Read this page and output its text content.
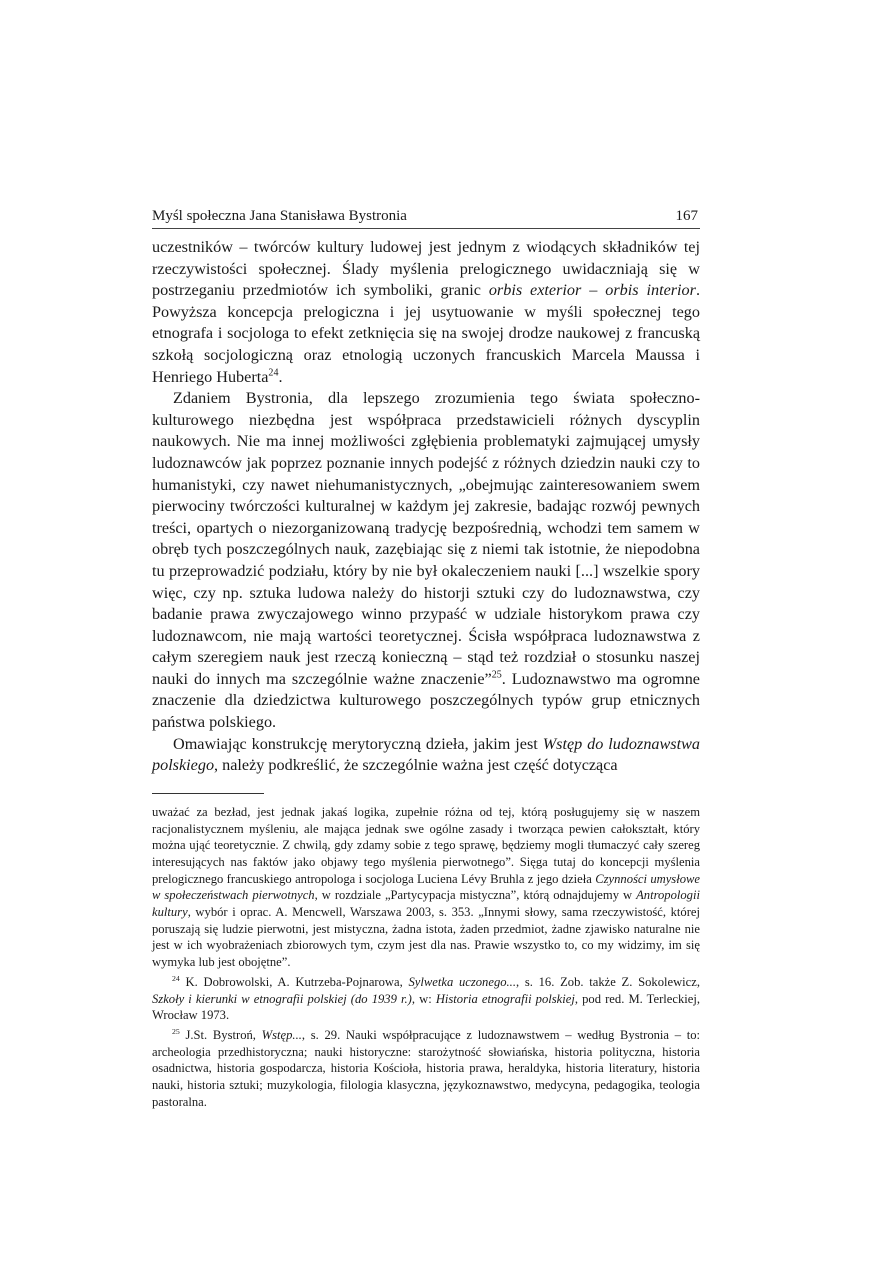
Myśl społeczna Jana Stanisława Bystronia	167

uczestników – twórców kultury ludowej jest jednym z wiodących składników tej rzeczywistości społecznej. Ślady myślenia prelogicznego uwidaczniają się w postrzeganiu przedmiotów ich symboliki, granic orbis exterior – orbis interior. Powyższa koncepcja prelogiczna i jej usytuowanie w myśli społecznej tego etnografa i socjologa to efekt zetknięcia się na swojej drodze naukowej z francuską szkołą socjologiczną oraz etnologią uczonych francuskich Marcela Maussa i Henriego Huberta$^{24}$.

Zdaniem Bystronia, dla lepszego zrozumienia tego świata społeczno-kulturowego niezbędna jest współpraca przedstawicieli różnych dyscyplin naukowych. Nie ma innej możliwości zgłębienia problematyki zajmującej umysły ludoznawców jak poprzez poznanie innych podejść z różnych dziedzin nauki czy to humanistyki, czy nawet niehumanistycznych, „obejmując zainteresowaniem swem pierwociny twórczości kulturalnej w każdym jej zakresie, badając rozwój pewnych treści, opartych o niezorganizowaną tradycję bezpośrednią, wchodzi tem samem w obręb tych poszczególnych nauk, zazębiając się z niemi tak istotnie, że niepodobna tu przeprowadzić podziału, który by nie był okaleczeniem nauki [...] wszelkie spory więc, czy np. sztuka ludowa należy do historji sztuki czy do ludoznawstwa, czy badanie prawa zwyczajowego winno przypaść w udziale historykom prawa czy ludoznawcom, nie mają wartości teoretycznej. Ścisła współpraca ludoznawstwa z całym szeregiem nauk jest rzeczą konieczną – stąd też rozdział o stosunku naszej nauki do innych ma szczególnie ważne znaczenie”$^{25}$. Ludoznawstwo ma ogromne znaczenie dla dziedzictwa kulturowego poszczególnych typów grup etnicznych państwa polskiego.

Omawiając konstrukcję merytoryczną dzieła, jakim jest Wstęp do ludoznawstwa polskiego, należy podkreślić, że szczególnie ważna jest część dotycząca

uważać za bezład, jest jednak jakaś logika, zupełnie różna od tej, którą posługujemy się w naszem racjonalistycznem myśleniu, ale mająca jednak swe ogólne zasady i tworząca pewien całokształt, który można ująć teoretycznie. Z chwilą, gdy zdamy sobie z tego sprawę, będziemy mogli tłumaczyć cały szereg interesujących nas faktów jako objawy tego myślenia pierwotnego”. Sięga tutaj do koncepcji myślenia prelogicznego francuskiego antropologa i socjologa Luciena Lévy Bruhla z jego dzieła Czynności umysłowe w społeczeństwach pierwotnych, w rozdziale „Partycypacja mistyczna”, którą odnajdujemy w Antropologii kultury, wybór i oprac. A. Mencwell, Warszawa 2003, s. 353. „Innymi słowy, sama rzeczywistość, której poruszają się ludzie pierwotni, jest mistyczna, żadna istota, żaden przedmiot, żadne zjawisko naturalne nie jest w ich wyobrażeniach zbiorowych tym, czym jest dla nas. Prawie wszystko to, co my widzimy, im się wymyka lub jest obojętne”.

$^{24}$ K. Dobrowolski, A. Kutrzeba-Pojnarowa, Sylwetka uczonego..., s. 16. Zob. także Z. Sokolewicz, Szkoły i kierunki w etnografii polskiej (do 1939 r.), w: Historia etnografii polskiej, pod red. M. Terleckiej, Wrocław 1973.

$^{25}$ J.St. Bystroń, Wstęp..., s. 29. Nauki współpracujące z ludoznawstwem – według Bystronia – to: archeologia przedhistoryczna; nauki historyczne: starożytność słowiańska, historia polityczna, historia osadnictwa, historia gospodarcza, historia Kościoła, historia prawa, heraldyka, historia literatury, historia nauki, historia sztuki; muzykologia, filologia klasyczna, językoznawstwo, medycyna, pedagogika, teologia pastoralna.
